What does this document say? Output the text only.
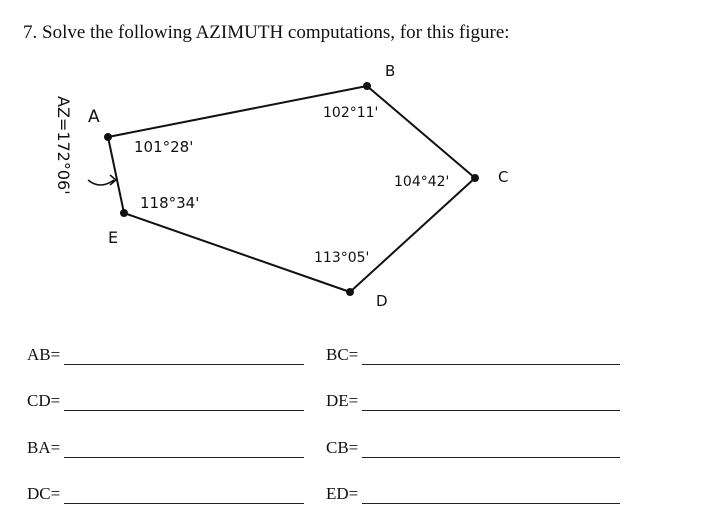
7. Solve the following AZIMUTH computations, for this figure:
A
B
C
D
E
101°28'
102°11'
104°42'
113°05'
118°34'
AZ=172°06'
AB=	BC=
CD=	DE=
BA=	CB=
DC=	ED=
